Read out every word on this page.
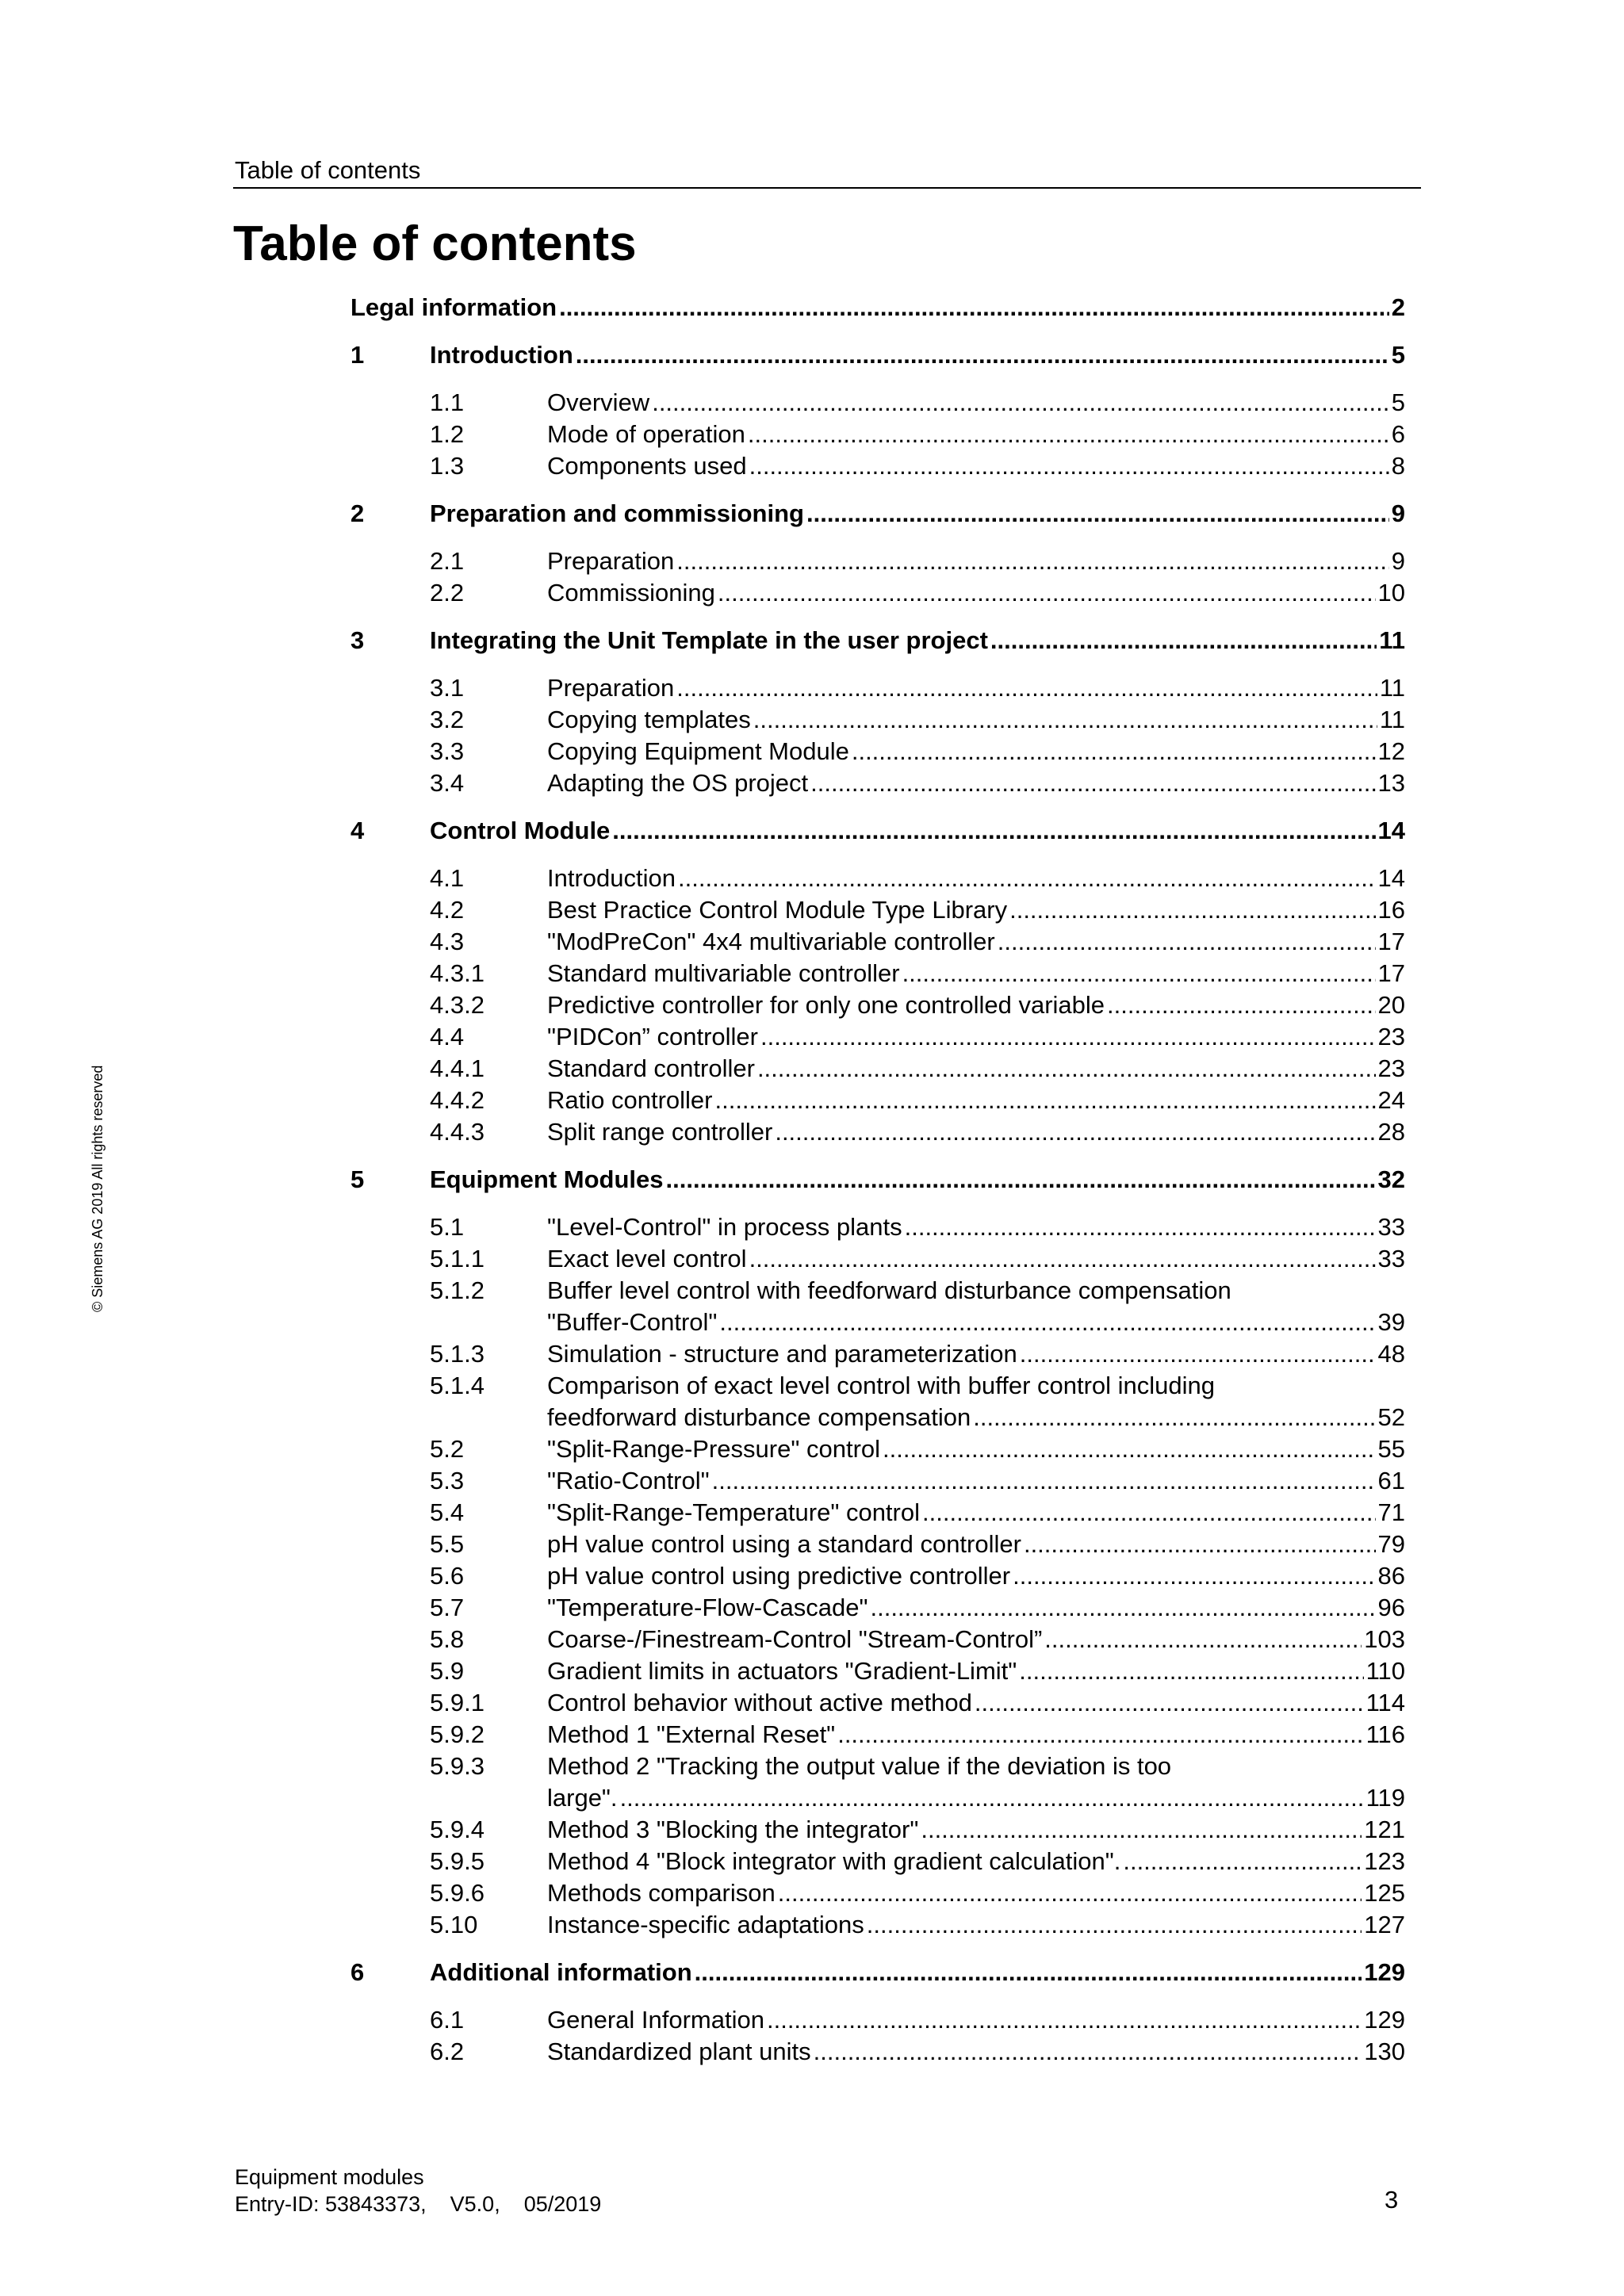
Table of contents
Table of contents
© Siemens AG 2019 All rights reserved
Legal information .....	2
1	Introduction .....	5
1.1	Overview .....	5
1.2	Mode of operation .....	6
1.3	Components used .....	8
2	Preparation and commissioning .....	9
2.1	Preparation .....	9
2.2	Commissioning .....	10
3	Integrating the Unit Template in the user project .....	11
3.1	Preparation .....	11
3.2	Copying templates .....	11
3.3	Copying Equipment Module .....	12
3.4	Adapting the OS project .....	13
4	Control Module .....	14
4.1	Introduction .....	14
4.2	Best Practice Control Module Type Library .....	16
4.3	"ModPreCon" 4x4 multivariable controller .....	17
4.3.1	Standard multivariable controller .....	17
4.3.2	Predictive controller for only one controlled variable .....	20
4.4	"PIDCon” controller .....	23
4.4.1	Standard controller .....	23
4.4.2	Ratio controller .....	24
4.4.3	Split range controller .....	28
5	Equipment Modules .....	32
5.1	"Level-Control" in process plants .....	33
5.1.1	Exact level control .....	33
5.1.2	Buffer level control with feedforward disturbance compensation
"Buffer-Control" .....	39
5.1.3	Simulation - structure and parameterization .....	48
5.1.4	Comparison of exact level control with buffer control including
feedforward disturbance compensation .....	52
5.2	"Split-Range-Pressure" control .....	55
5.3	"Ratio-Control" .....	61
5.4	"Split-Range-Temperature" control .....	71
5.5	pH value control using a standard controller .....	79
5.6	pH value control using predictive controller .....	86
5.7	"Temperature-Flow-Cascade" .....	96
5.8	Coarse-/Finestream-Control "Stream-Control” .....	103
5.9	Gradient limits in actuators "Gradient-Limit" .....	110
5.9.1	Control behavior without active method .....	114
5.9.2	Method 1 "External Reset" .....	116
5.9.3	Method 2 "Tracking the output value if the deviation is too
large". .....	119
5.9.4	Method 3 "Blocking the integrator" .....	121
5.9.5	Method 4 "Block integrator with gradient calculation". .....	123
5.9.6	Methods comparison .....	125
5.10	Instance-specific adaptations .....	127
6	Additional information .....	129
6.1	General Information .....	129
6.2	Standardized plant units .....	130
Equipment modules
Entry-ID: 53843373,    V5.0,    05/2019	3
